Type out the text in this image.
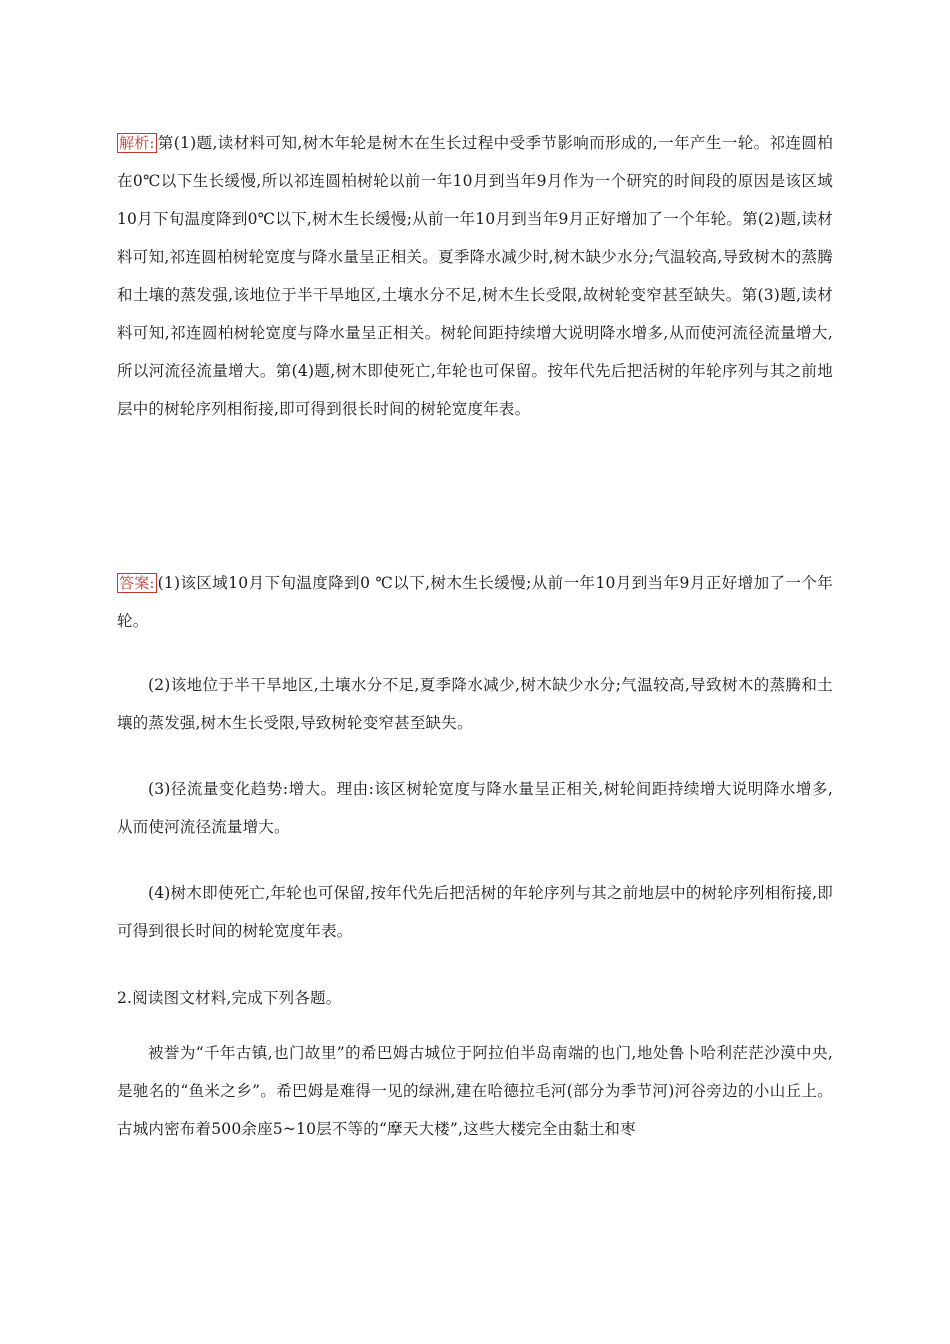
解析: 第(1)题,读材料可知,树木年轮是树木在生长过程中受季节影响而形成的,一年产生一轮。祁连圆柏在0℃以下生长缓慢,所以祁连圆柏树轮以前一年10月到当年9月作为一个研究的时间段的原因是该区域10月下旬温度降到0℃以下,树木生长缓慢;从前一年10月到当年9月正好增加了一个年轮。第(2)题,读材料可知,祁连圆柏树轮宽度与降水量呈正相关。夏季降水减少时,树木缺少水分;气温较高,导致树木的蒸腾和土壤的蒸发强,该地位于半干旱地区,土壤水分不足,树木生长受限,故树轮变窄甚至缺失。第(3)题,读材料可知,祁连圆柏树轮宽度与降水量呈正相关。树轮间距持续增大说明降水增多,从而使河流径流量增大,所以河流径流量增大。第(4)题,树木即使死亡,年轮也可保留。按年代先后把活树的年轮序列与其之前地层中的树轮序列相衔接,即可得到很长时间的树轮宽度年表。
答案: (1)该区域10月下旬温度降到0 ℃以下,树木生长缓慢;从前一年10月到当年9月正好增加了一个年轮。
(2)该地位于半干旱地区,土壤水分不足,夏季降水减少,树木缺少水分;气温较高,导致树木的蒸腾和土壤的蒸发强,树木生长受限,导致树轮变窄甚至缺失。
(3)径流量变化趋势:增大。理由:该区树轮宽度与降水量呈正相关,树轮间距持续增大说明降水增多,从而使河流径流量增大。
(4)树木即使死亡,年轮也可保留,按年代先后把活树的年轮序列与其之前地层中的树轮序列相衔接,即可得到很长时间的树轮宽度年表。
2.阅读图文材料,完成下列各题。
被誉为“千年古镇,也门故里”的希巴姆古城位于阿拉伯半岛南端的也门,地处鲁卜哈利茫茫沙漠中央,是驰名的“鱼米之乡”。希巴姆是难得一见的绿洲,建在哈德拉毛河(部分为季节河)河谷旁边的小山丘上。古城内密布着500余座5~10层不等的“摩天大楼”,这些大楼完全由黏土和枣
